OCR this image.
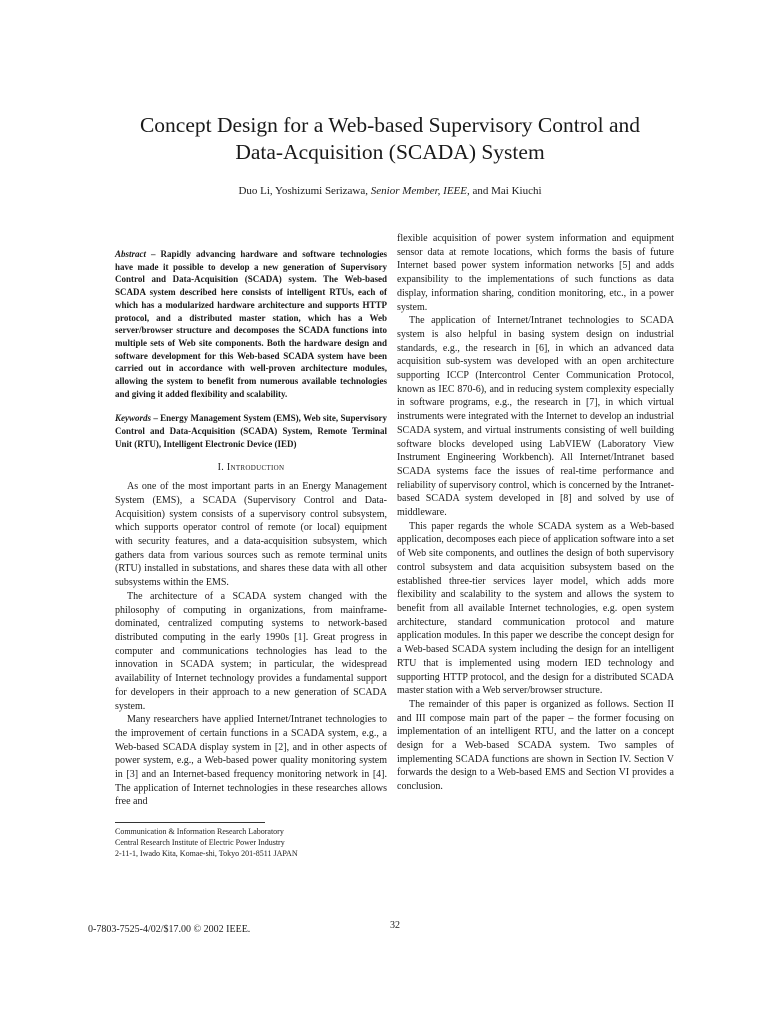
Concept Design for a Web-based Supervisory Control and
Data-Acquisition (SCADA) System
Duo Li, Yoshizumi Serizawa, Senior Member, IEEE, and Mai Kiuchi

Abstract – Rapidly advancing hardware and software technologies have made it possible to develop a new generation of Supervisory Control and Data-Acquisition (SCADA) system. The Web-based SCADA system described here consists of intelligent RTUs, each of which has a modularized hardware architecture and supports HTTP protocol, and a distributed master station, which has a Web server/browser structure and decomposes the SCADA functions into multiple sets of Web site components. Both the hardware design and software development for this Web-based SCADA system have been carried out in accordance with well-proven architecture modules, allowing the system to benefit from numerous available technologies and giving it added flexibility and scalability.

Keywords – Energy Management System (EMS), Web site, Supervisory Control and Data-Acquisition (SCADA) System, Remote Terminal Unit (RTU), Intelligent Electronic Device (IED)

I. Introduction

As one of the most important parts in an Energy Management System (EMS), a SCADA (Supervisory Control and Data-Acquisition) system consists of a supervisory control subsystem, which supports operator control of remote (or local) equipment with security features, and a data-acquisition subsystem, which gathers data from various sources such as remote terminal units (RTU) installed in substations, and shares these data with all other subsystems within the EMS.

The architecture of a SCADA system changed with the philosophy of computing in organizations, from mainframe-dominated, centralized computing systems to network-based distributed computing in the early 1990s [1]. Great progress in computer and communications technologies has lead to the innovation in SCADA system; in particular, the widespread availability of Internet technology provides a fundamental support for developers in their approach to a new generation of SCADA system.

Many researchers have applied Internet/Intranet technologies to the improvement of certain functions in a SCADA system, e.g., a Web-based SCADA display system in [2], and in other aspects of power system, e.g., a Web-based power quality monitoring system in [3] and an Internet-based frequency monitoring network in [4]. The application of Internet technologies in these researches allows free and

flexible acquisition of power system information and equipment sensor data at remote locations, which forms the basis of future Internet based power system information networks [5] and adds expansibility to the implementations of such functions as data display, information sharing, condition monitoring, etc., in a power system.

The application of Internet/Intranet technologies to SCADA system is also helpful in basing system design on industrial standards, e.g., the research in [6], in which an advanced data acquisition sub-system was developed with an open architecture supporting ICCP (Intercontrol Center Communication Protocol, known as IEC 870-6), and in reducing system complexity especially in software programs, e.g., the research in [7], in which virtual instruments were integrated with the Internet to develop an industrial SCADA system, and virtual instruments consisting of well building software blocks developed using LabVIEW (Laboratory View Instrument Engineering Workbench). All Internet/Intranet based SCADA systems face the issues of real-time performance and reliability of supervisory control, which is concerned by the Intranet-based SCADA system developed in [8] and solved by use of middleware.

This paper regards the whole SCADA system as a Web-based application, decomposes each piece of application software into a set of Web site components, and outlines the design of both supervisory control subsystem and data acquisition subsystem based on the established three-tier services layer model, which adds more flexibility and scalability to the system and allows the system to benefit from all available Internet technologies, e.g. open system architecture, standard communication protocol and mature application modules. In this paper we describe the concept design for a Web-based SCADA system including the design for an intelligent RTU that is implemented using modern IED technology and supporting HTTP protocol, and the design for a distributed SCADA master station with a Web server/browser structure.

The remainder of this paper is organized as follows. Section II and III compose main part of the paper – the former focusing on implementation of an intelligent RTU, and the latter on a concept design for a Web-based SCADA system. Two samples of implementing SCADA functions are shown in Section IV. Section V forwards the design to a Web-based EMS and Section VI provides a conclusion.

Communication & Information Research Laboratory
Central Research Institute of Electric Power Industry
2-11-1, Iwado Kita, Komae-shi, Tokyo 201-8511 JAPAN
0-7803-7525-4/02/$17.00 © 2002 IEEE.	32
